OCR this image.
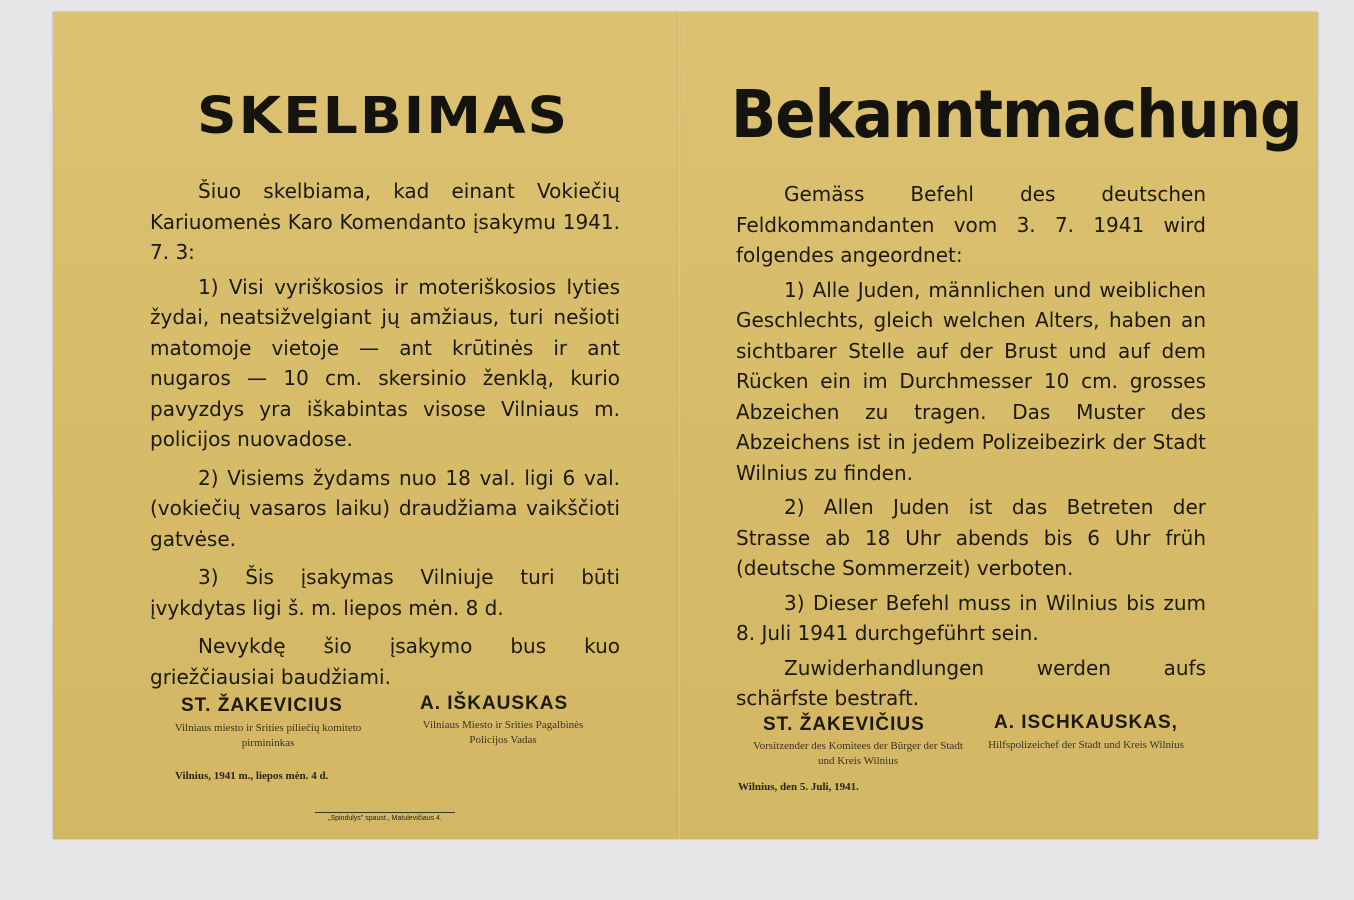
SKELBIMAS

Šiuo skelbiama, kad einant Vokiečių Kariuomenės Karo Komendanto įsakymu 1941. 7. 3:

1) Visi vyriškosios ir moteriškosios lyties žydai, neatsižvelgiant jų amžiaus, turi nešioti matomoje vietoje — ant krūtinės ir ant nugaros — 10 cm. skersinio ženklą, kurio pavyzdys yra iškabintas visose Vilniaus m. policijos nuovadose.

2) Visiems žydams nuo 18 val. ligi 6 val. (vokiečių vasaros laiku) draudžiama vaikščioti gatvėse.

3) Šis įsakymas Vilniuje turi būti įvykdytas ligi š. m. liepos mėn. 8 d.

Nevykdę šio įsakymo bus kuo griežčiausiai baudžiami.

ST. ŽAKEVICIUS
Vilniaus miesto ir Srities piliečių komiteto pirmininkas
A. IŠKAUSKAS
Vilniaus Miesto ir Srities Pagalbinės Policijos Vadas
Vilnius, 1941 m., liepos mėn. 4 d.
„Spindulys" spaust., Matulevičiaus 4.
Bekanntmachung

Gemäss Befehl des deutschen Feldkommandanten vom 3. 7. 1941 wird folgendes angeordnet:

1) Alle Juden, männlichen und weiblichen Geschlechts, gleich welchen Alters, haben an sichtbarer Stelle auf der Brust und auf dem Rücken ein im Durchmesser 10 cm. grosses Abzeichen zu tragen. Das Muster des Abzeichens ist in jedem Polizeibezirk der Stadt Wilnius zu finden.

2) Allen Juden ist das Betreten der Strasse ab 18 Uhr abends bis 6 Uhr früh (deutsche Sommerzeit) verboten.

3) Dieser Befehl muss in Wilnius bis zum 8. Juli 1941 durchgeführt sein.

Zuwiderhandlungen werden aufs schärfste bestraft.

ST. ŽAKEVIČIUS
Vorsitzender des Komitees der Bürger der Stadt und Kreis Wilnius
A. ISCHKAUSKAS,
Hilfspolizeichef der Stadt und Kreis Wilnius
Wilnius, den 5. Juli, 1941.
